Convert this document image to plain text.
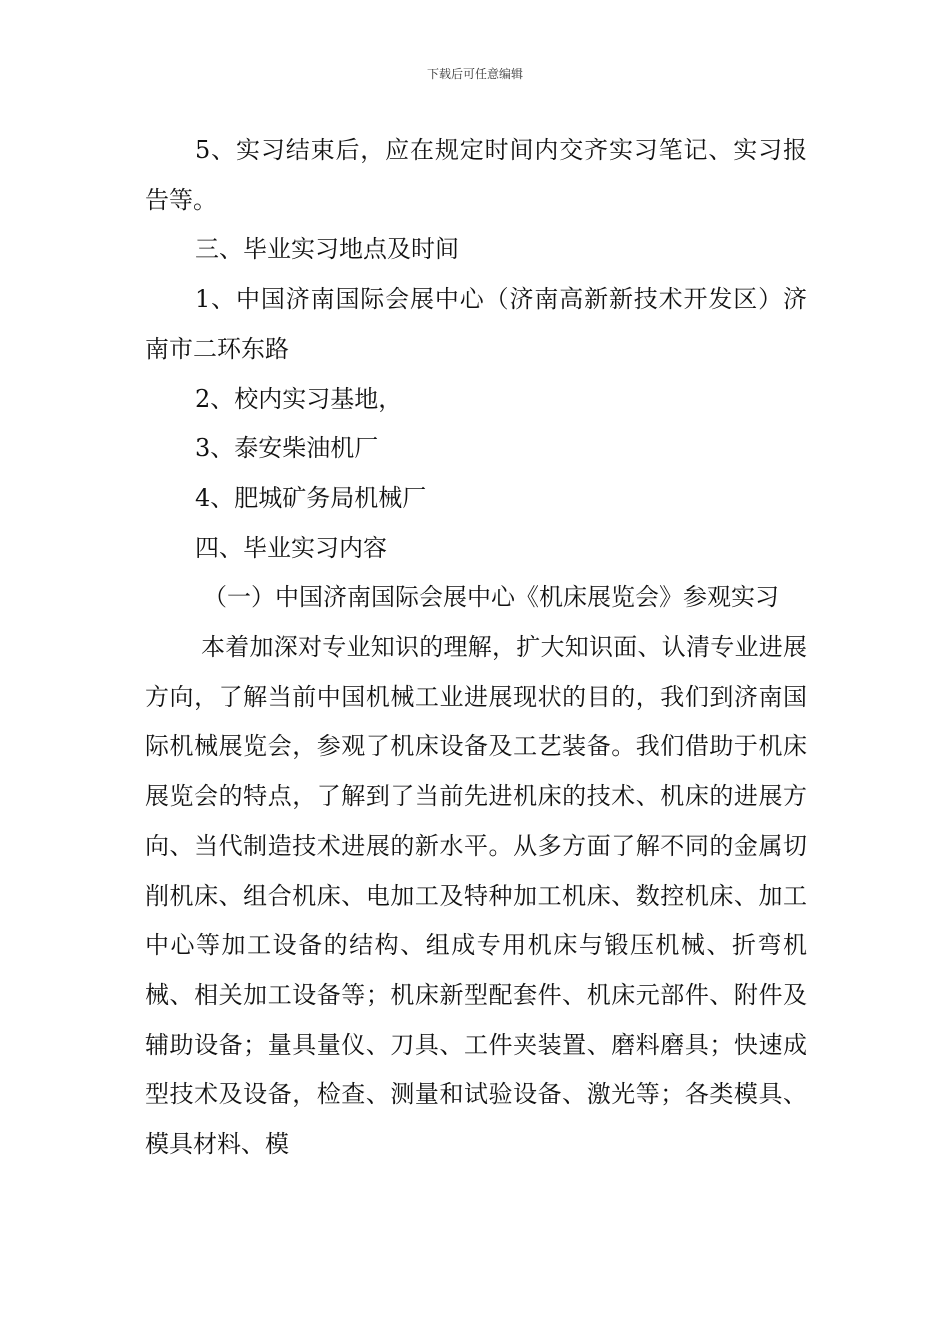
下载后可任意编辑

5、实习结束后，应在规定时间内交齐实习笔记、实习报告等。

三、毕业实习地点及时间

1、中国济南国际会展中心（济南高新新技术开发区）济南市二环东路

2、校内实习基地，

3、泰安柴油机厂

4、肥城矿务局机械厂

四、毕业实习内容

（一）中国济南国际会展中心《机床展览会》参观实习

本着加深对专业知识的理解，扩大知识面、认清专业进展方向，了解当前中国机械工业进展现状的目的，我们到济南国际机械展览会，参观了机床设备及工艺装备。我们借助于机床展览会的特点，了解到了当前先进机床的技术、机床的进展方向、当代制造技术进展的新水平。从多方面了解不同的金属切削机床、组合机床、电加工及特种加工机床、数控机床、加工中心等加工设备的结构、组成专用机床与锻压机械、折弯机械、相关加工设备等；机床新型配套件、机床元部件、附件及辅助设备；量具量仪、刀具、工件夹装置、磨料磨具；快速成型技术及设备，检查、测量和试验设备、激光等；各类模具、模具材料、模
